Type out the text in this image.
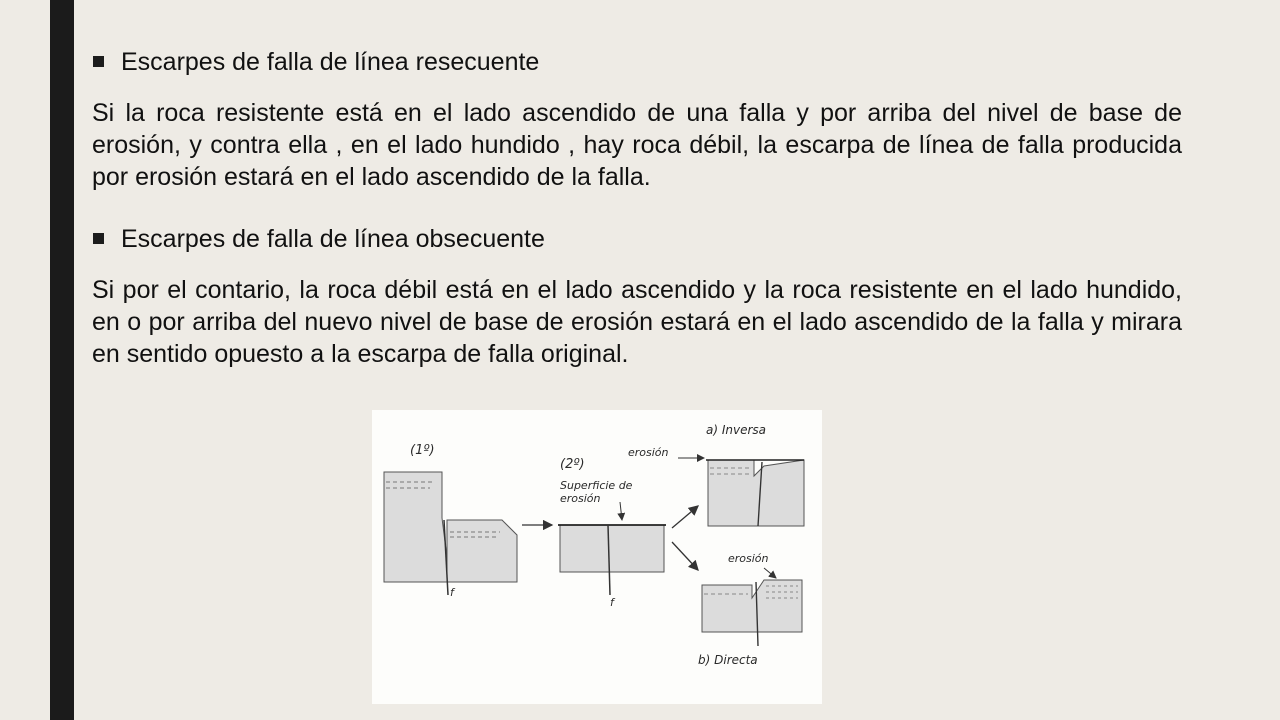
Escarpes de falla de línea resecuente
Si la roca resistente está en el lado ascendido de una falla y por arriba del nivel de base de erosión, y contra ella , en el lado hundido , hay roca débil, la escarpa de línea de falla producida por erosión estará en el lado ascendido de la falla.
Escarpes de falla de línea obsecuente
Si por el contario, la roca débil está en el lado ascendido y la roca resistente en el lado hundido, en o por arriba del nuevo nivel de base de erosión estará en el lado ascendido de la falla y mirara en sentido opuesto a la escarpa de falla original.
(1º)
f
(2º)
Superficie de
erosión
f
a) Inversa
erosión
erosión
b) Directa
